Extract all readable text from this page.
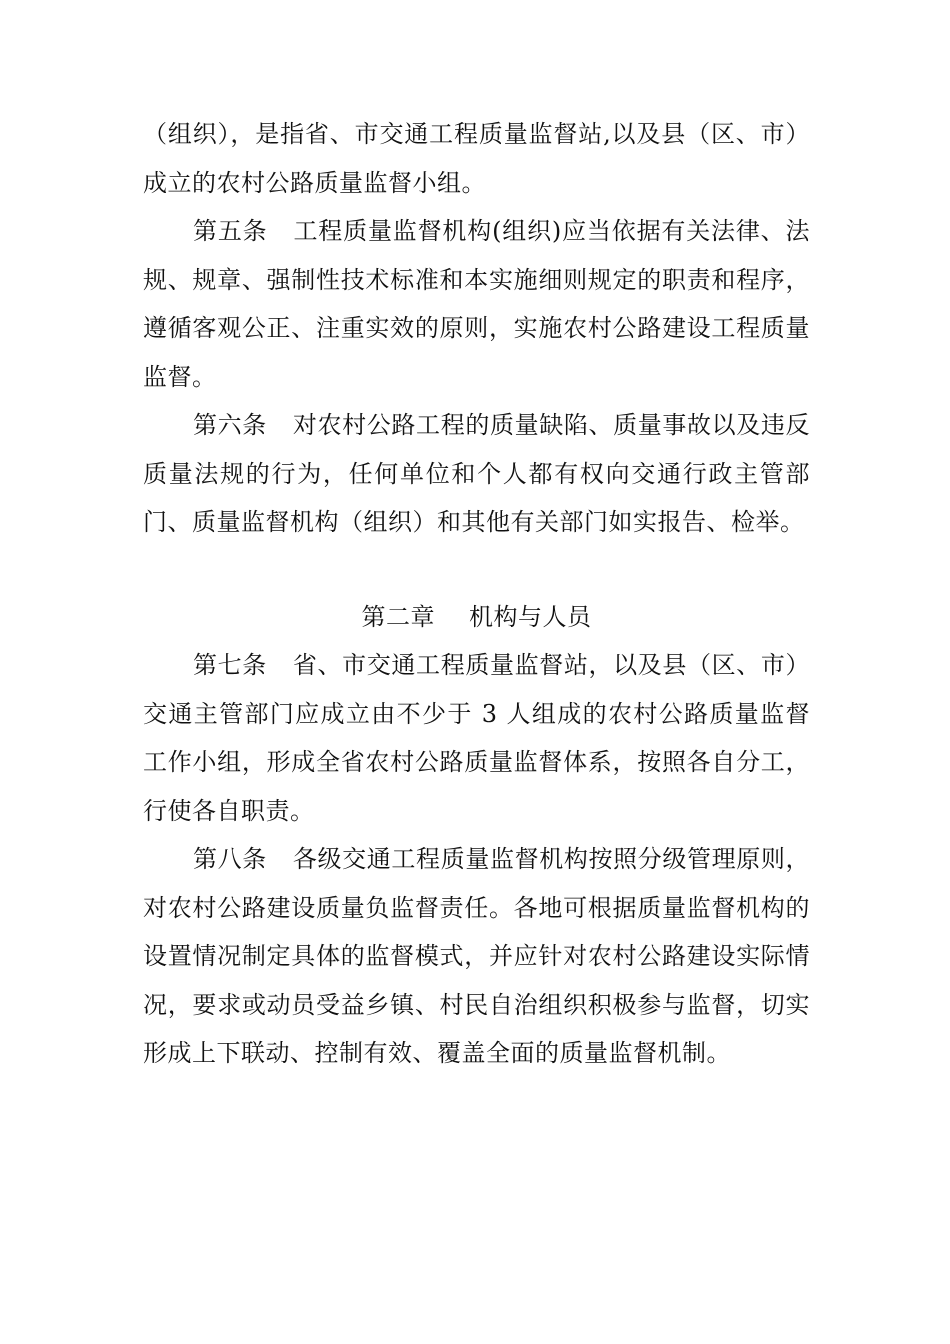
（组织），是指省、市交通工程质量监督站,以及县（区、市）成立的农村公路质量监督小组。

第五条 工程质量监督机构(组织)应当依据有关法律、法规、规章、强制性技术标准和本实施细则规定的职责和程序，遵循客观公正、注重实效的原则，实施农村公路建设工程质量监督。

第六条 对农村公路工程的质量缺陷、质量事故以及违反质量法规的行为，任何单位和个人都有权向交通行政主管部门、质量监督机构（组织）和其他有关部门如实报告、检举。

第二章 机构与人员

第七条 省、市交通工程质量监督站，以及县（区、市）交通主管部门应成立由不少于 3 人组成的农村公路质量监督工作小组，形成全省农村公路质量监督体系，按照各自分工，行使各自职责。

第八条 各级交通工程质量监督机构按照分级管理原则，对农村公路建设质量负监督责任。各地可根据质量监督机构的设置情况制定具体的监督模式，并应针对农村公路建设实际情况，要求或动员受益乡镇、村民自治组织积极参与监督，切实形成上下联动、控制有效、覆盖全面的质量监督机制。
